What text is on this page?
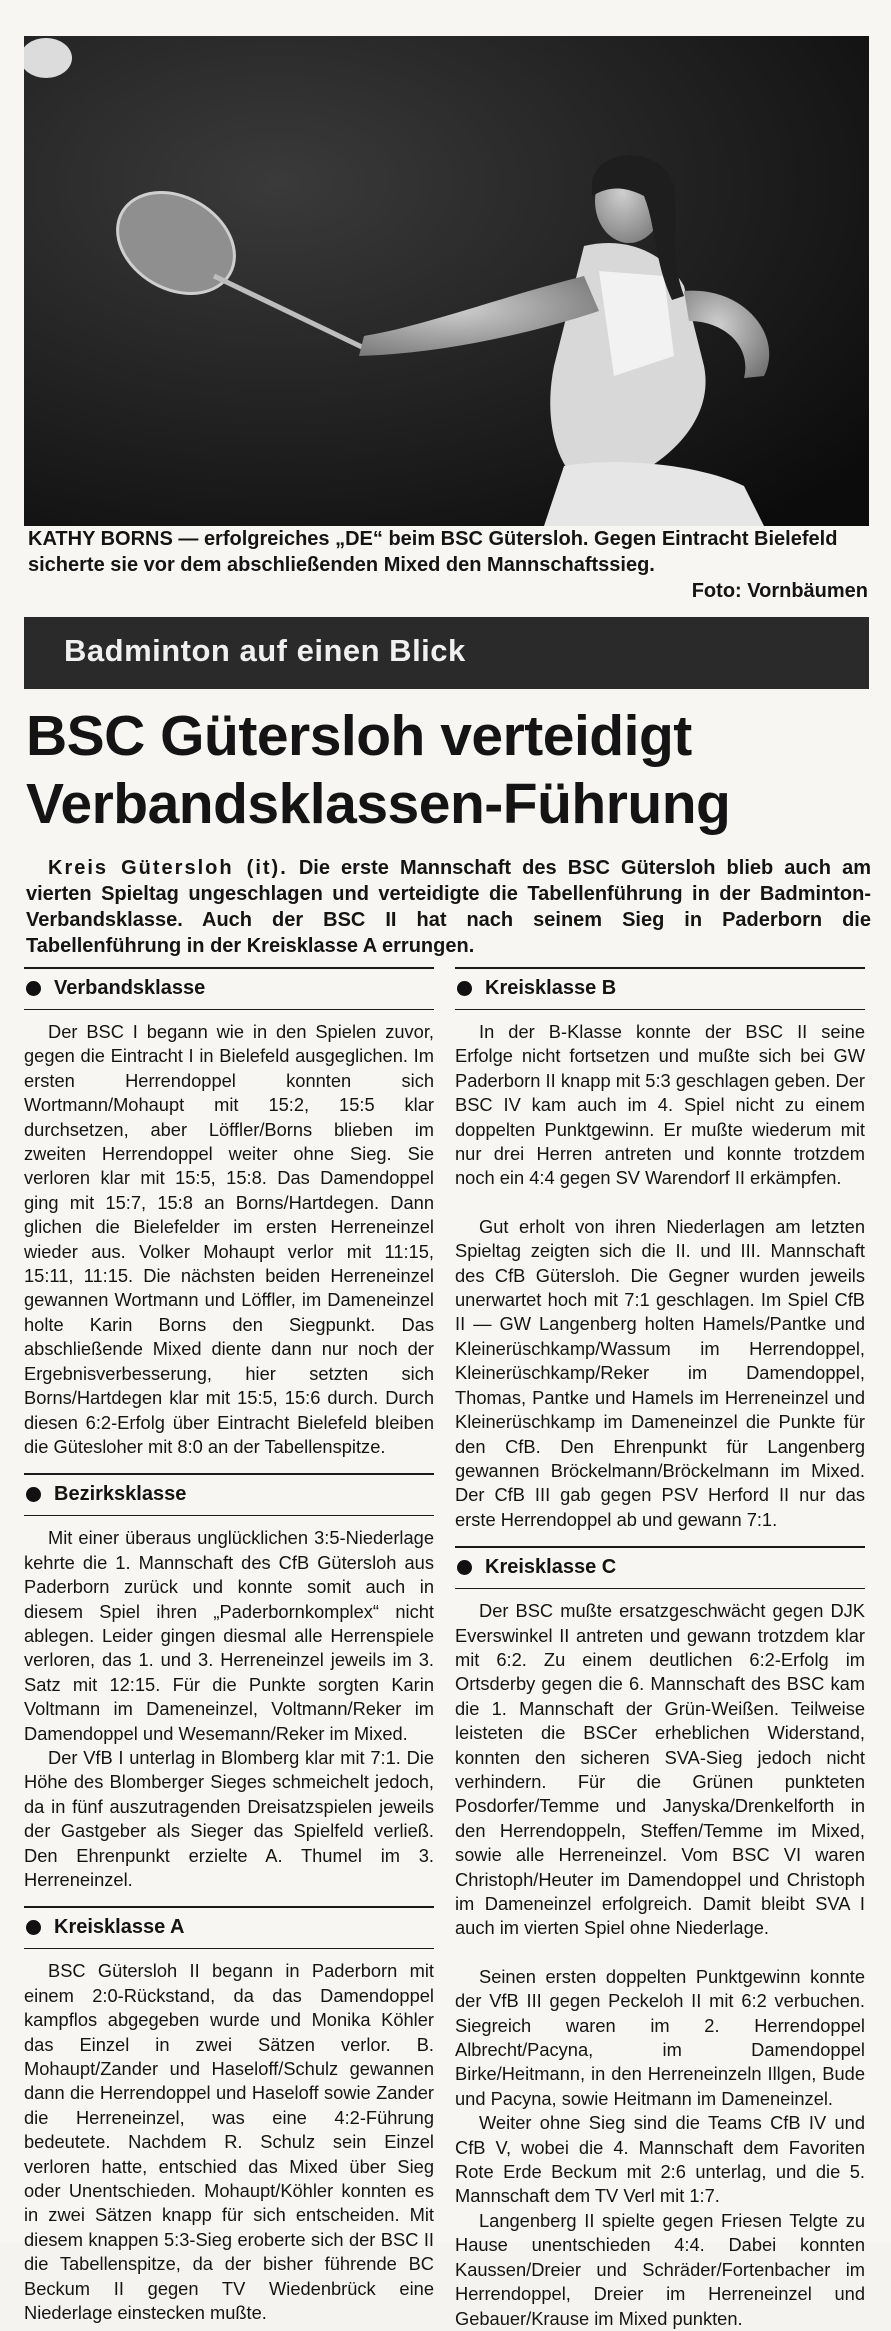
KATHY BORNS — erfolgreiches „DE“ beim BSC Gütersloh. Gegen Eintracht Bielefeld sicherte sie vor dem abschließenden Mixed den Mannschaftssieg.
Foto: Vornbäumen
Badminton auf einen Blick
BSC Gütersloh verteidigt
Verbandsklassen-Führung
Kreis Gütersloh (it). Die erste Mannschaft des BSC Gütersloh blieb auch am vierten Spieltag ungeschlagen und verteidigte die Tabellenführung in der Badminton-Verbandsklasse. Auch der BSC II hat nach seinem Sieg in Paderborn die Tabellenführung in der Kreisklasse A errungen.
Verbandsklasse

Der BSC I begann wie in den Spielen zuvor, gegen die Eintracht I in Bielefeld ausgeglichen. Im ersten Herrendoppel konnten sich Wortmann/Mohaupt mit 15:2, 15:5 klar durchsetzen, aber Löffler/Borns blieben im zweiten Herrendoppel weiter ohne Sieg. Sie verloren klar mit 15:5, 15:8. Das Damendoppel ging mit 15:7, 15:8 an Borns/Hartdegen. Dann glichen die Bielefelder im ersten Herreneinzel wieder aus. Volker Mohaupt verlor mit 11:15, 15:11, 11:15. Die nächsten beiden Herreneinzel gewannen Wortmann und Löffler, im Dameneinzel holte Karin Borns den Siegpunkt. Das abschließende Mixed diente dann nur noch der Ergebnisverbesserung, hier setzten sich Borns/Hartdegen klar mit 15:5, 15:6 durch. Durch diesen 6:2-Erfolg über Eintracht Bielefeld bleiben die Gütesloher mit 8:0 an der Tabellenspitze.

Bezirksklasse

Mit einer überaus unglücklichen 3:5-Niederlage kehrte die 1. Mannschaft des CfB Gütersloh aus Paderborn zurück und konnte somit auch in diesem Spiel ihren „Paderbornkomplex“ nicht ablegen. Leider gingen diesmal alle Herrenspiele verloren, das 1. und 3. Herreneinzel jeweils im 3. Satz mit 12:15. Für die Punkte sorgten Karin Voltmann im Dameneinzel, Voltmann/Reker im Damendoppel und Wesemann/Reker im Mixed.

Der VfB I unterlag in Blomberg klar mit 7:1. Die Höhe des Blomberger Sieges schmeichelt jedoch, da in fünf auszutragenden Dreisatzspielen jeweils der Gastgeber als Sieger das Spielfeld verließ. Den Ehrenpunkt erzielte A. Thumel im 3. Herreneinzel.

Kreisklasse A

BSC Gütersloh II begann in Paderborn mit einem 2:0-Rückstand, da das Damendoppel kampflos abgegeben wurde und Monika Köhler das Einzel in zwei Sätzen verlor. B. Mohaupt/Zander und Haseloff/Schulz gewannen dann die Herrendoppel und Haseloff sowie Zander die Herreneinzel, was eine 4:2-Führung bedeutete. Nachdem R. Schulz sein Einzel verloren hatte, entschied das Mixed über Sieg oder Unentschieden. Mohaupt/Köhler konnten es in zwei Sätzen knapp für sich entscheiden. Mit diesem knappen 5:3-Sieg eroberte sich der BSC II die Tabellenspitze, da der bisher führende BC Beckum II gegen TV Wiedenbrück eine Niederlage einstecken mußte.

Kreisklasse B

In der B-Klasse konnte der BSC II seine Erfolge nicht fortsetzen und mußte sich bei GW Paderborn II knapp mit 5:3 geschlagen geben. Der BSC IV kam auch im 4. Spiel nicht zu einem doppelten Punktgewinn. Er mußte wiederum mit nur drei Herren antreten und konnte trotzdem noch ein 4:4 gegen SV Warendorf II erkämpfen.

Gut erholt von ihren Niederlagen am letzten Spieltag zeigten sich die II. und III. Mannschaft des CfB Gütersloh. Die Gegner wurden jeweils unerwartet hoch mit 7:1 geschlagen. Im Spiel CfB II — GW Langenberg holten Hamels/Pantke und Kleinerüschkamp/Wassum im Herrendoppel, Kleinerüschkamp/Reker im Damendoppel, Thomas, Pantke und Hamels im Herreneinzel und Kleinerüschkamp im Dameneinzel die Punkte für den CfB. Den Ehrenpunkt für Langenberg gewannen Bröckelmann/Bröckelmann im Mixed. Der CfB III gab gegen PSV Herford II nur das erste Herrendoppel ab und gewann 7:1.

Kreisklasse C

Der BSC mußte ersatzgeschwächt gegen DJK Everswinkel II antreten und gewann trotzdem klar mit 6:2. Zu einem deutlichen 6:2-Erfolg im Ortsderby gegen die 6. Mannschaft des BSC kam die 1. Mannschaft der Grün-Weißen. Teilweise leisteten die BSCer erheblichen Widerstand, konnten den sicheren SVA-Sieg jedoch nicht verhindern. Für die Grünen punkteten Posdorfer/Temme und Janyska/Drenkelforth in den Herrendoppeln, Steffen/Temme im Mixed, sowie alle Herreneinzel. Vom BSC VI waren Christoph/Heuter im Damendoppel und Christoph im Dameneinzel erfolgreich. Damit bleibt SVA I auch im vierten Spiel ohne Niederlage.

Seinen ersten doppelten Punktgewinn konnte der VfB III gegen Peckeloh II mit 6:2 verbuchen. Siegreich waren im 2. Herrendoppel Albrecht/Pacyna, im Damendoppel Birke/Heitmann, in den Herreneinzeln Illgen, Bude und Pacyna, sowie Heitmann im Dameneinzel.

Weiter ohne Sieg sind die Teams CfB IV und CfB V, wobei die 4. Mannschaft dem Favoriten Rote Erde Beckum mit 2:6 unterlag, und die 5. Mannschaft dem TV Verl mit 1:7.

Langenberg II spielte gegen Friesen Telgte zu Hause unentschieden 4:4. Dabei konnten Kaussen/Dreier und Schräder/Fortenbacher im Herrendoppel, Dreier im Herreneinzel und Gebauer/Krause im Mixed punkten.
